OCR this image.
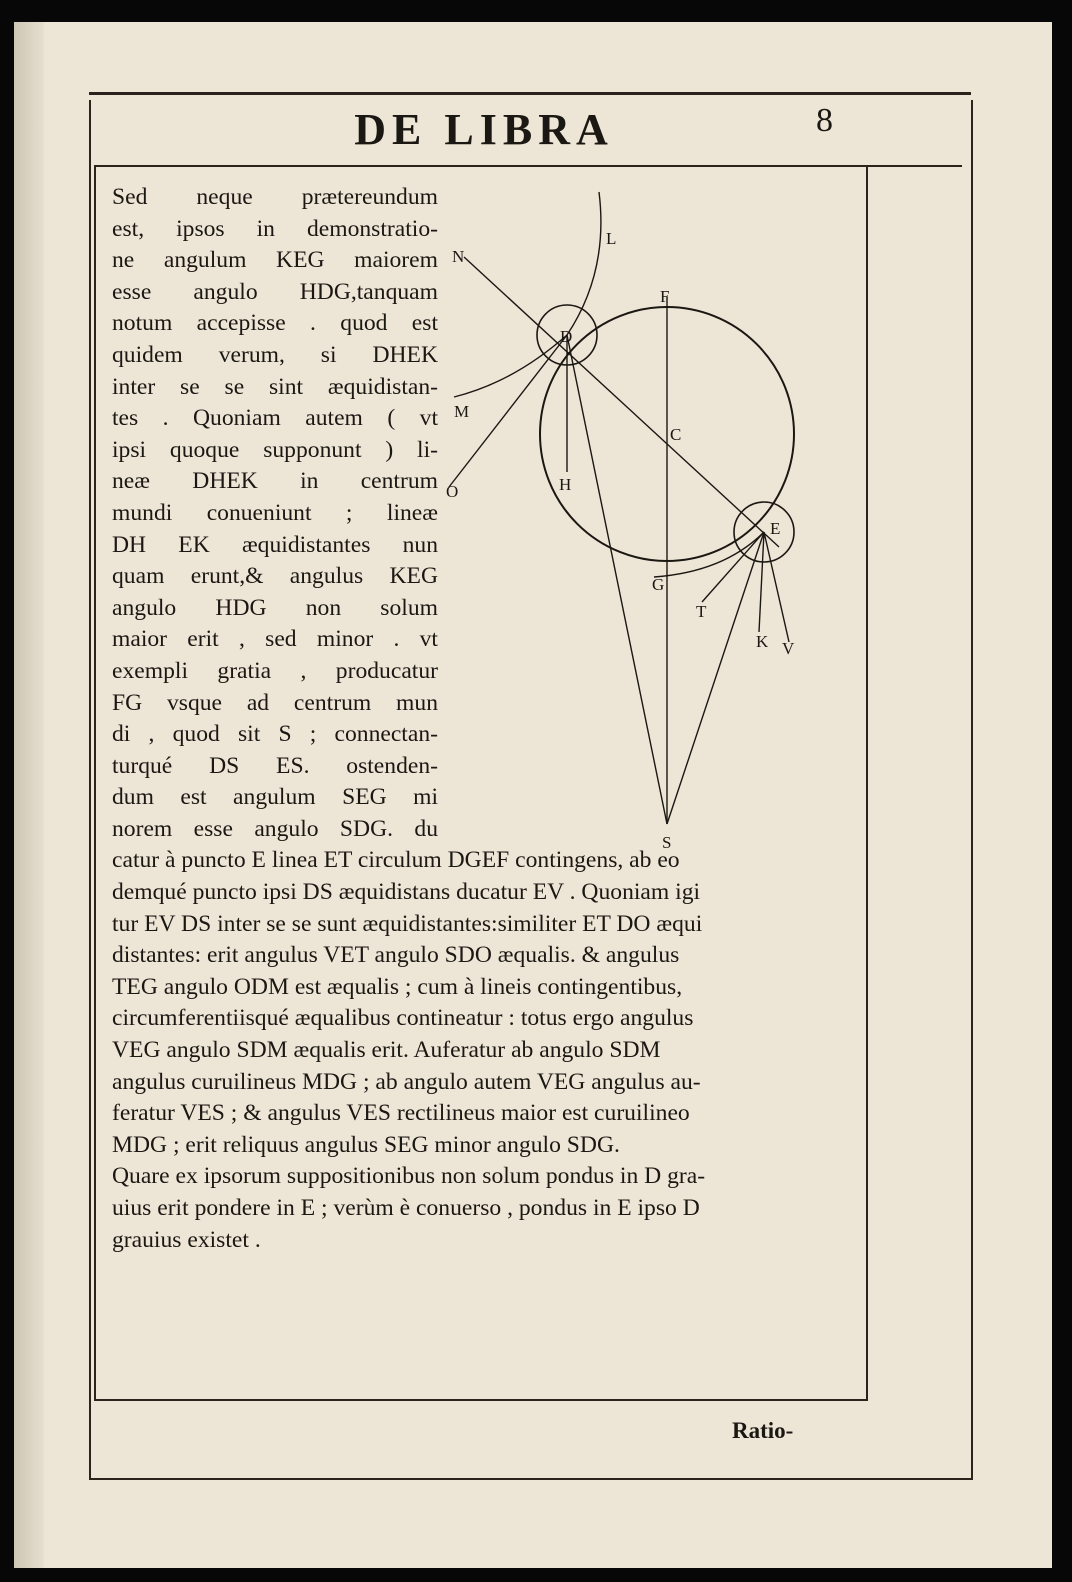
DE LIBRA	8
N
L
F
D
M
O
C
H
E
G
T
K V
S
Sed neque prætereundum
est, ipsos in demonstratio-
ne angulum KEG maiorem
esse angulo HDG,tanquam
notum accepisse . quod est
quidem verum, si DHEK
inter se se sint æquidistan-
tes . Quoniam autem ( vt
ipsi quoque supponunt ) li-
neæ DHEK in centrum
mundi conueniunt ; lineæ
DH EK æquidistantes nun
quam erunt,& angulus KEG
angulo HDG non solum
maior erit , sed minor . vt
exempli gratia , producatur
FG vsque ad centrum mun
di , quod sit S ; connectan-
turqué DS ES. ostenden-
dum est angulum SEG mi
norem esse angulo SDG. du
catur à puncto E linea ET circulum DGEF contingens, ab eo
demqué puncto ipsi DS æquidistans ducatur EV . Quoniam igi
tur EV DS inter se se sunt æquidistantes:similiter ET DO æqui
distantes: erit angulus VET angulo SDO æqualis. & angulus
TEG angulo ODM est æqualis ; cum à lineis contingentibus,
circumferentiisqué æqualibus contineatur : totus ergo angulus
VEG angulo SDM æqualis erit. Auferatur ab angulo SDM
angulus curuilineus MDG ; ab angulo autem VEG angulus au-
feratur VES ; & angulus VES rectilineus maior est curuilineo
MDG ; erit reliquus angulus SEG minor angulo SDG.
Quare ex ipsorum suppositionibus non solum pondus in D gra-
uius erit pondere in E ; verùm è conuerso , pondus in E ipso D
grauius existet .
Ratio-
